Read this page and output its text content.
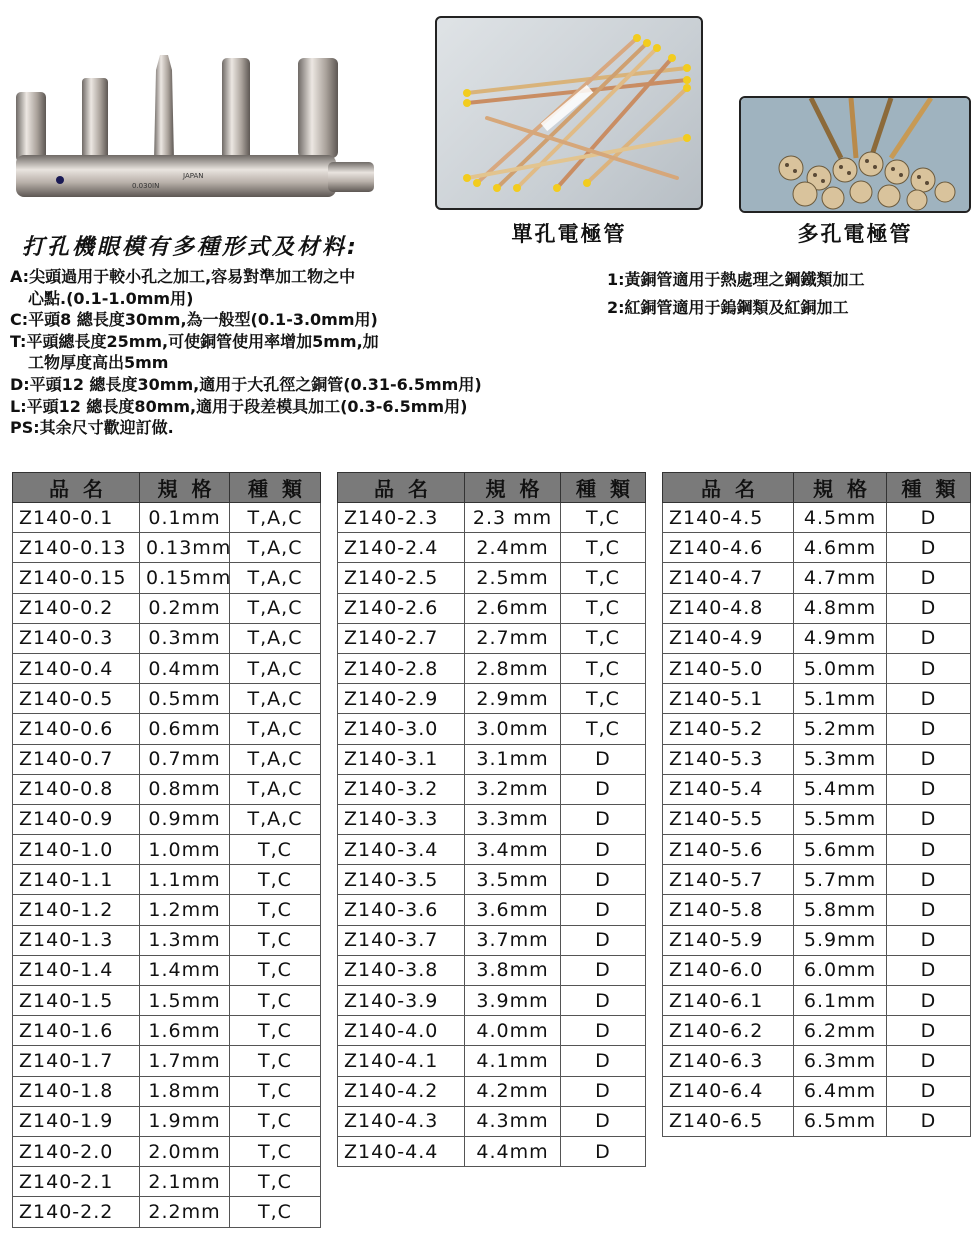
0.030IN
JAPAN
單孔電極管	多孔電極管
打孔機眼模有多種形式及材料:
A:尖頭過用于較小孔之加工,容易對準加工物之中
心點.(0.1-1.0mm用)
C:平頭8 總長度30mm,為一般型(0.1-3.0mm用)
T:平頭總長度25mm,可使銅管使用率增加5mm,加
工物厚度高出5mm
D:平頭12 總長度30mm,適用于大孔徑之銅管(0.31-6.5mm用)
L:平頭12 總長度80mm,適用于段差模具加工(0.3-6.5mm用)
PS:其余尺寸歡迎訂做.
1:黃銅管適用于熱處理之鋼鐵類加工
2:紅銅管適用于鎢鋼類及紅銅加工
品名	規格	種類
Z140-0.1	0.1mm	T,A,C
Z140-0.13	0.13mm	T,A,C
Z140-0.15	0.15mm	T,A,C
Z140-0.2	0.2mm	T,A,C
Z140-0.3	0.3mm	T,A,C
Z140-0.4	0.4mm	T,A,C
Z140-0.5	0.5mm	T,A,C
Z140-0.6	0.6mm	T,A,C
Z140-0.7	0.7mm	T,A,C
Z140-0.8	0.8mm	T,A,C
Z140-0.9	0.9mm	T,A,C
Z140-1.0	1.0mm	T,C
Z140-1.1	1.1mm	T,C
Z140-1.2	1.2mm	T,C
Z140-1.3	1.3mm	T,C
Z140-1.4	1.4mm	T,C
Z140-1.5	1.5mm	T,C
Z140-1.6	1.6mm	T,C
Z140-1.7	1.7mm	T,C
Z140-1.8	1.8mm	T,C
Z140-1.9	1.9mm	T,C
Z140-2.0	2.0mm	T,C
Z140-2.1	2.1mm	T,C
Z140-2.2	2.2mm	T,C
品名	規格	種類
Z140-2.3	2.3 mm	T,C
Z140-2.4	2.4mm	T,C
Z140-2.5	2.5mm	T,C
Z140-2.6	2.6mm	T,C
Z140-2.7	2.7mm	T,C
Z140-2.8	2.8mm	T,C
Z140-2.9	2.9mm	T,C
Z140-3.0	3.0mm	T,C
Z140-3.1	3.1mm	D
Z140-3.2	3.2mm	D
Z140-3.3	3.3mm	D
Z140-3.4	3.4mm	D
Z140-3.5	3.5mm	D
Z140-3.6	3.6mm	D
Z140-3.7	3.7mm	D
Z140-3.8	3.8mm	D
Z140-3.9	3.9mm	D
Z140-4.0	4.0mm	D
Z140-4.1	4.1mm	D
Z140-4.2	4.2mm	D
Z140-4.3	4.3mm	D
Z140-4.4	4.4mm	D
品名	規格	種類
Z140-4.5	4.5mm	D
Z140-4.6	4.6mm	D
Z140-4.7	4.7mm	D
Z140-4.8	4.8mm	D
Z140-4.9	4.9mm	D
Z140-5.0	5.0mm	D
Z140-5.1	5.1mm	D
Z140-5.2	5.2mm	D
Z140-5.3	5.3mm	D
Z140-5.4	5.4mm	D
Z140-5.5	5.5mm	D
Z140-5.6	5.6mm	D
Z140-5.7	5.7mm	D
Z140-5.8	5.8mm	D
Z140-5.9	5.9mm	D
Z140-6.0	6.0mm	D
Z140-6.1	6.1mm	D
Z140-6.2	6.2mm	D
Z140-6.3	6.3mm	D
Z140-6.4	6.4mm	D
Z140-6.5	6.5mm	D
